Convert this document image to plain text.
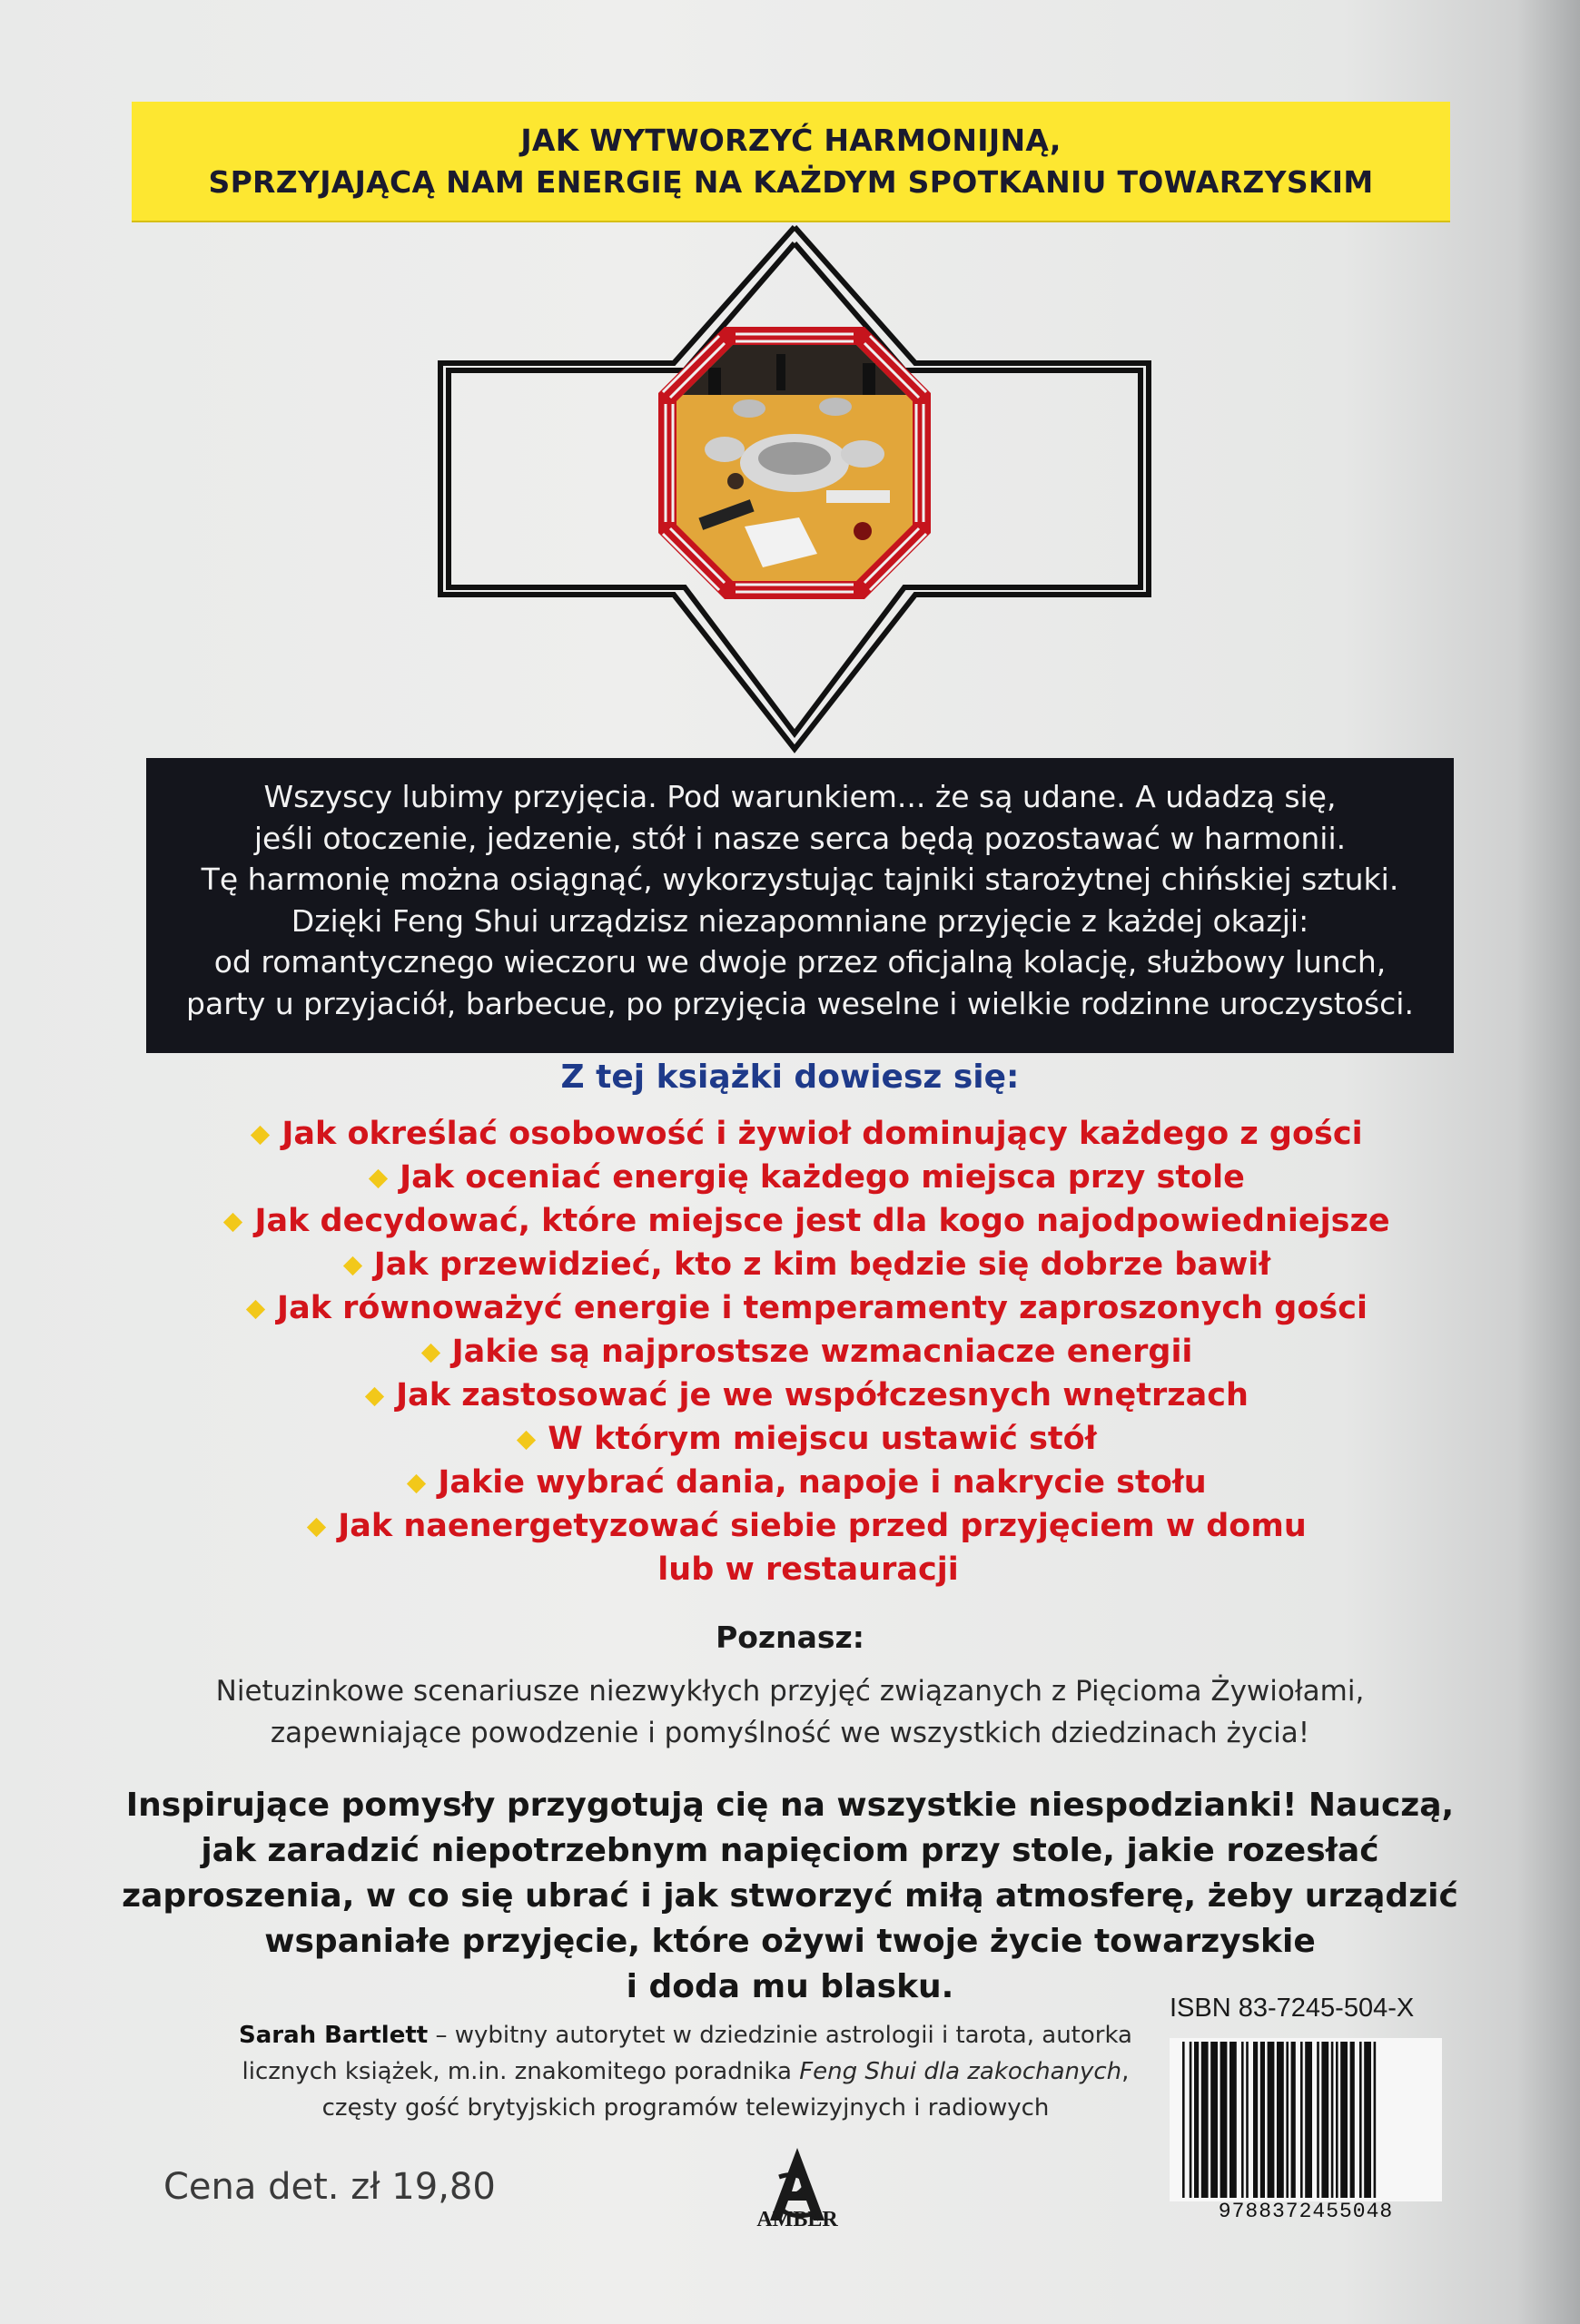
JAK WYTWORZYĆ HARMONIJNĄ,
SPRZYJAJĄCĄ NAM ENERGIĘ NA KAŻDYM SPOTKANIU TOWARZYSKIM
Wszyscy lubimy przyjęcia. Pod warunkiem... że są udane. A udadzą się,
jeśli otoczenie, jedzenie, stół i nasze serca będą pozostawać w harmonii.
Tę harmonię można osiągnąć, wykorzystując tajniki starożytnej chińskiej sztuki.
Dzięki Feng Shui urządzisz niezapomniane przyjęcie z każdej okazji:
od romantycznego wieczoru we dwoje przez oficjalną kolację, służbowy lunch,
party u przyjaciół, barbecue, po przyjęcia weselne i wielkie rodzinne uroczystości.
Z tej książki dowiesz się:
Jak określać osobowość i żywioł dominujący każdego z gości
Jak oceniać energię każdego miejsca przy stole
Jak decydować, które miejsce jest dla kogo najodpowiedniejsze
Jak przewidzieć, kto z kim będzie się dobrze bawił
Jak równoważyć energie i temperamenty zaproszonych gości
Jakie są najprostsze wzmacniacze energii
Jak zastosować je we współczesnych wnętrzach
W którym miejscu ustawić stół
Jakie wybrać dania, napoje i nakrycie stołu
Jak naenergetyzować siebie przed przyjęciem w domu
lub w restauracji
Poznasz:
Nietuzinkowe scenariusze niezwykłych przyjęć związanych z Pięcioma Żywiołami,
zapewniające powodzenie i pomyślność we wszystkich dziedzinach życia!
Inspirujące pomysły przygotują cię na wszystkie niespodzianki! Nauczą,
jak zaradzić niepotrzebnym napięciom przy stole, jakie rozesłać
zaproszenia, w co się ubrać i jak stworzyć miłą atmosferę, żeby urządzić
wspaniałe przyjęcie, które ożywi twoje życie towarzyskie
i doda mu blasku.
Sarah Bartlett – wybitny autorytet w dziedzinie astrologii i tarota, autorka
licznych książek, m.in. znakomitego poradnika Feng Shui dla zakochanych,
częsty gość brytyjskich programów telewizyjnych i radiowych
ISBN 83-7245-504-X
9788372455048
AMBER
Cena det. zł 19,80
